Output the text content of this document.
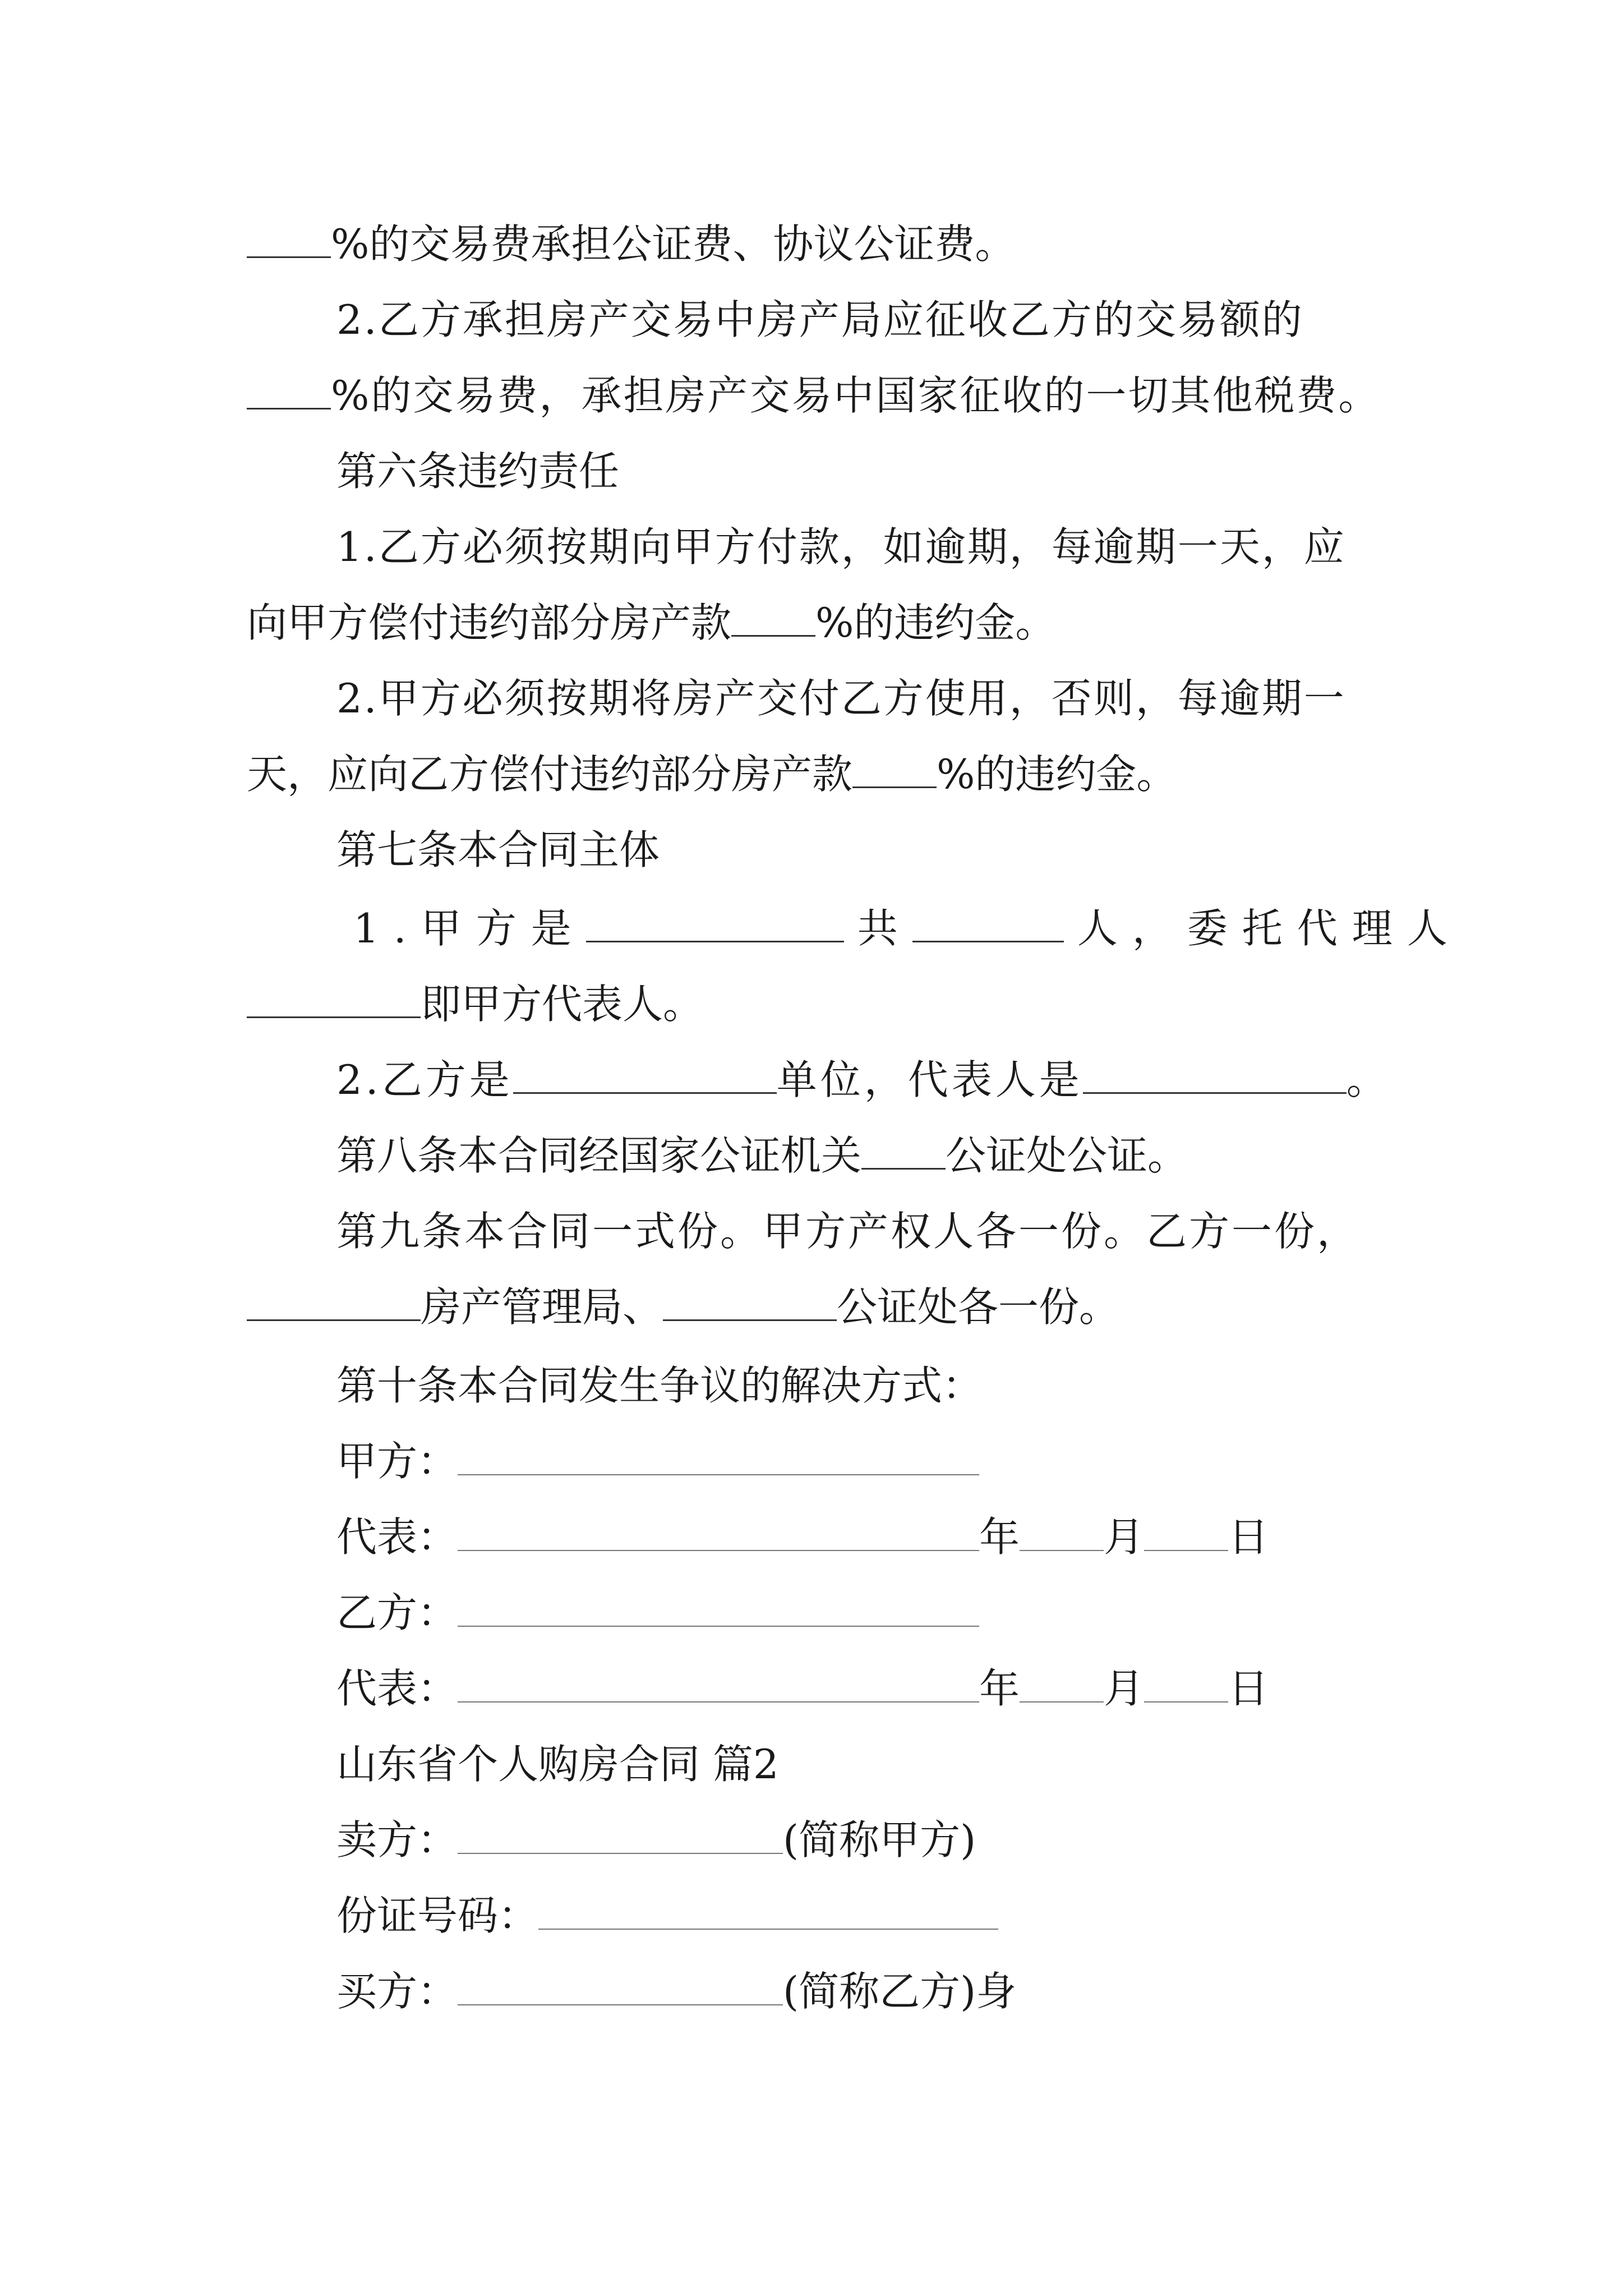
%的交易费承担公证费、协议公证费。
2.乙方承担房产交易中房产局应征收乙方的交易额的
%的交易费，承担房产交易中国家征收的一切其他税费。
第六条违约责任
1.乙方必须按期向甲方付款，如逾期，每逾期一天，应
向甲方偿付违约部分房产款 %的违约金。
2.甲方必须按期将房产交付乙方使用，否则，每逾期一
天，应向乙方偿付违约部分房产款 %的违约金。
第七条本合同主体
1.甲方是	共	人，委托代理人
即甲方代表人。
2.乙方是	单位，代表人是	。
第八条本合同经国家公证机关 公证处公证。
第九条本合同一式份。甲方产权人各一份。乙方一份，
房产管理局、	公证处各一份。
第十条本合同发生争议的解决方式：
甲方：
代表：	年 月 日
乙方：
代表：	年 月 日
山东省个人购房合同 篇2
卖方：	(简称甲方)
份证号码：
买方：	(简称乙方)身
